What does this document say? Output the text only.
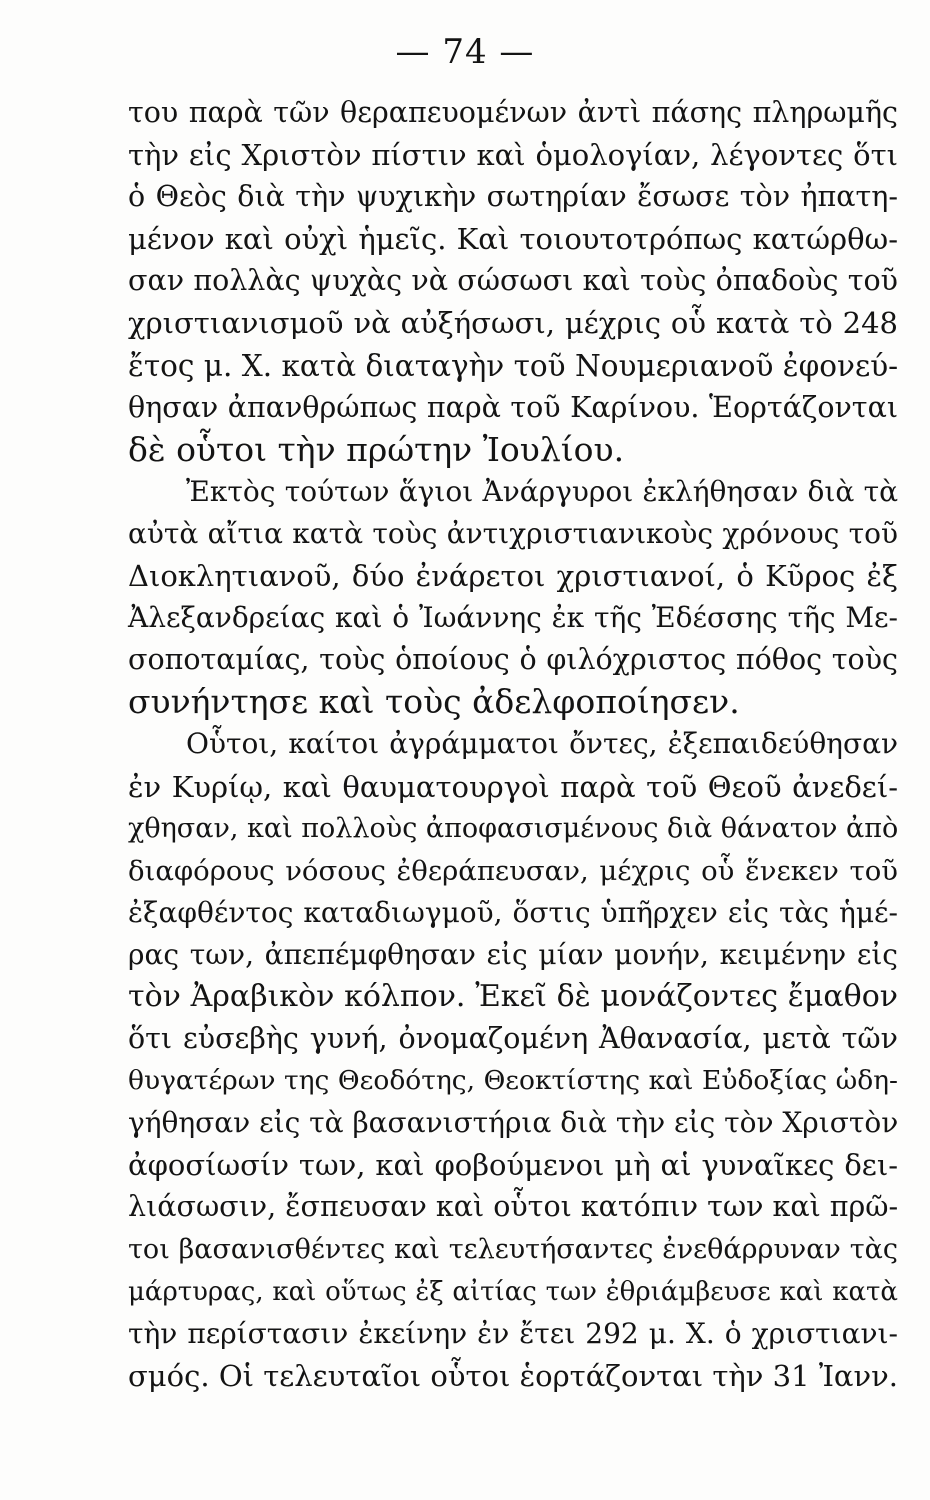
— 74 —
του παρὰ τῶν θεραπευομένων ἀντὶ πάσης πληρωμῆς
τὴν εἰς Χριστὸν πίστιν καὶ ὁμολογίαν, λέγοντες ὅτι
ὁ Θεὸς διὰ τὴν ψυχικὴν σωτηρίαν ἔσωσε τὸν ἠπατη-
μένον καὶ οὐχὶ ἡμεῖς. Καὶ τοιουτοτρόπως κατώρθω-
σαν πολλὰς ψυχὰς νὰ σώσωσι καὶ τοὺς ὀπαδοὺς τοῦ
χριστιανισμοῦ νὰ αὐξήσωσι, μέχρις οὗ κατὰ τὸ 248
ἔτος μ. Χ. κατὰ διαταγὴν τοῦ Νουμεριανοῦ ἐφονεύ-
θησαν ἀπανθρώπως παρὰ τοῦ Καρίνου. Ἑορτάζονται
δὲ οὗτοι τὴν πρώτην Ἰουλίου.
Ἐκτὸς τούτων ἅγιοι Ἀνάργυροι ἐκλήθησαν διὰ τὰ
αὐτὰ αἴτια κατὰ τοὺς ἀντιχριστιανικοὺς χρόνους τοῦ
Διοκλητιανοῦ, δύο ἐνάρετοι χριστιανοί, ὁ Κῦρος ἐξ
Ἀλεξανδρείας καὶ ὁ Ἰωάννης ἐκ τῆς Ἐδέσσης τῆς Με-
σοποταμίας, τοὺς ὁποίους ὁ φιλόχριστος πόθος τοὺς
συνήντησε καὶ τοὺς ἀδελφοποίησεν.
Οὗτοι, καίτοι ἀγράμματοι ὄντες, ἐξεπαιδεύθησαν
ἐν Κυρίῳ, καὶ θαυματουργοὶ παρὰ τοῦ Θεοῦ ἀνεδεί-
χθησαν, καὶ πολλοὺς ἀποφασισμένους διὰ θάνατον ἀπὸ
διαφόρους νόσους ἐθεράπευσαν, μέχρις οὗ ἕνεκεν τοῦ
ἐξαφθέντος καταδιωγμοῦ, ὅστις ὑπῆρχεν εἰς τὰς ἡμέ-
ρας των, ἀπεπέμφθησαν εἰς μίαν μονήν, κειμένην εἰς
τὸν Ἀραβικὸν κόλπον. Ἐκεῖ δὲ μονάζοντες ἔμαθον
ὅτι εὐσεβὴς γυνή, ὀνομαζομένη Ἀθανασία, μετὰ τῶν
θυγατέρων της Θεοδότης, Θεοκτίστης καὶ Εὐδοξίας ὡδη-
γήθησαν εἰς τὰ βασανιστήρια διὰ τὴν εἰς τὸν Χριστὸν
ἀφοσίωσίν των, καὶ φοβούμενοι μὴ αἱ γυναῖκες δει-
λιάσωσιν, ἔσπευσαν καὶ οὗτοι κατόπιν των καὶ πρῶ-
τοι βασανισθέντες καὶ τελευτήσαντες ἐνεθάρρυναν τὰς
μάρτυρας, καὶ οὕτως ἐξ αἰτίας των ἐθριάμβευσε καὶ κατὰ
τὴν περίστασιν ἐκείνην ἐν ἔτει 292 μ. Χ. ὁ χριστιανι-
σμός. Οἱ τελευταῖοι οὗτοι ἑορτάζονται τὴν 31 Ἰανν.
